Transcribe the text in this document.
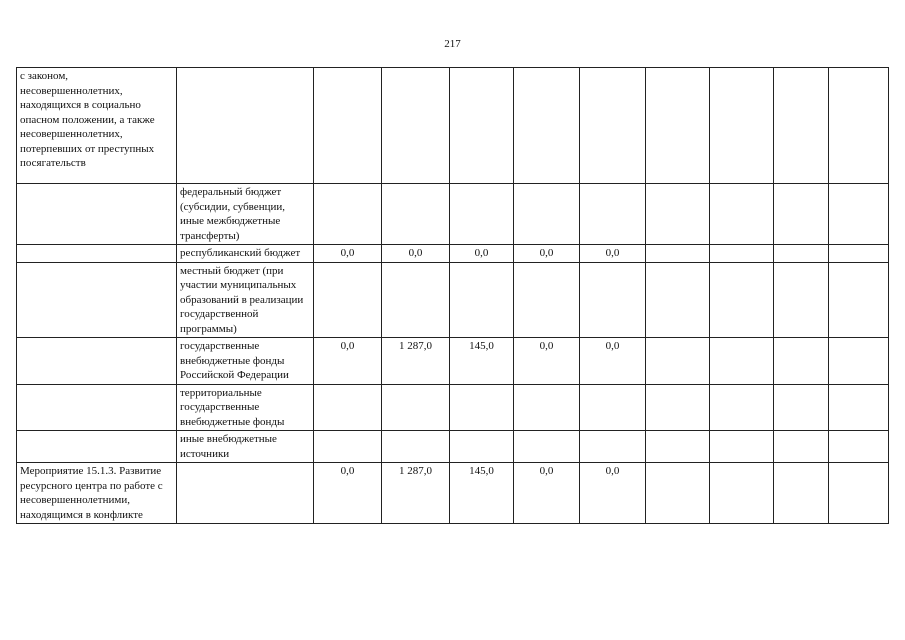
217
с законом, несовершеннолетних, находящихся в социально опасном положении, а также несовершеннолетних, потерпевших от преступных посягательств										
	федеральный бюджет (субсидии, субвенции, иные межбюджетные трансферты)									
	республиканский бюджет	0,0	0,0	0,0	0,0	0,0				
	местный бюджет (при участии муниципальных образований в реализации государственной программы)									
	государственные внебюджетные фонды Российской Федерации	0,0	1 287,0	145,0	0,0	0,0				
	территориальные государственные внебюджетные фонды									
	иные внебюджетные источники									
Мероприятие 15.1.3. Развитие ресурсного центра по работе с несовершеннолетними, находящимся в конфликте		0,0	1 287,0	145,0	0,0	0,0				
